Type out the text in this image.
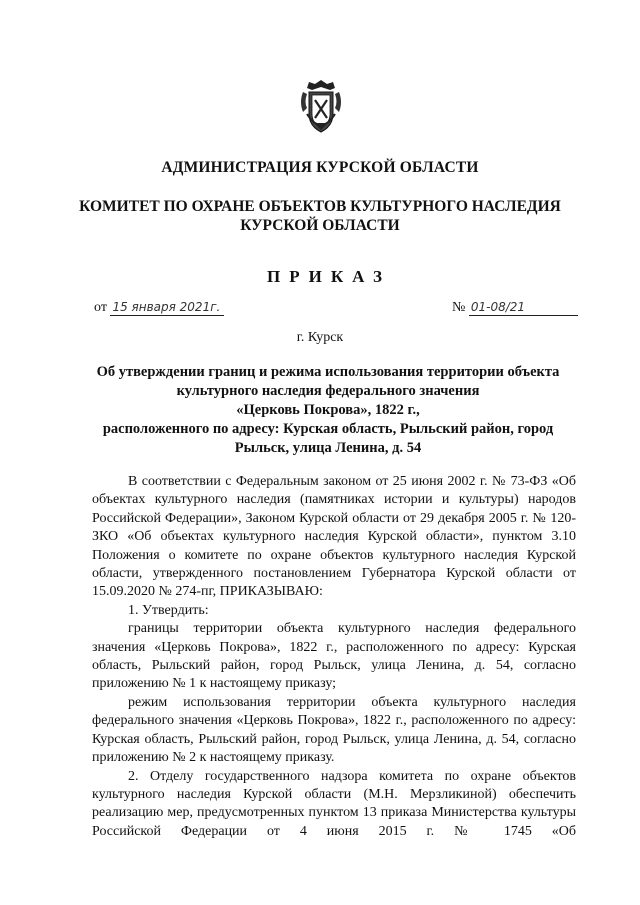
АДМИНИСТРАЦИЯ КУРСКОЙ ОБЛАСТИ
КОМИТЕТ ПО ОХРАНЕ ОБЪЕКТОВ КУЛЬТУРНОГО НАСЛЕДИЯ
КУРСКОЙ ОБЛАСТИ
ПРИКАЗ
от 15 января 2021г.	№ 01-08/21
г. Курск
Об утверждении границ и режима использования территории объекта
культурного наследия федерального значения
«Церковь Покрова», 1822 г.,
расположенного по адресу: Курская область, Рыльский район, город
Рыльск, улица Ленина, д. 54

В соответствии с Федеральным законом от 25 июня 2002 г. № 73-ФЗ «Об объектах культурного наследия (памятниках истории и культуры) народов Российской Федерации», Законом Курской области от 29 декабря 2005 г. № 120-ЗКО «Об объектах культурного наследия Курской области», пунктом 3.10 Положения о комитете по охране объектов культурного наследия Курской области, утвержденного постановлением Губернатора Курской области от 15.09.2020 № 274-пг, ПРИКАЗЫВАЮ:

1. Утвердить:

границы территории объекта культурного наследия федерального значения «Церковь Покрова», 1822 г., расположенного по адресу: Курская область, Рыльский район, город Рыльск, улица Ленина, д. 54, согласно приложению № 1 к настоящему приказу;

режим использования территории объекта культурного наследия федерального значения «Церковь Покрова», 1822 г., расположенного по адресу: Курская область, Рыльский район, город Рыльск, улица Ленина, д. 54, согласно приложению № 2 к настоящему приказу.

2. Отделу государственного надзора комитета по охране объектов культурного наследия Курской области (М.Н. Мерзликиной) обеспечить реализацию мер, предусмотренных пунктом 13 приказа Министерства культуры Российской Федерации от 4 июня 2015 г. № 1745 «Об
